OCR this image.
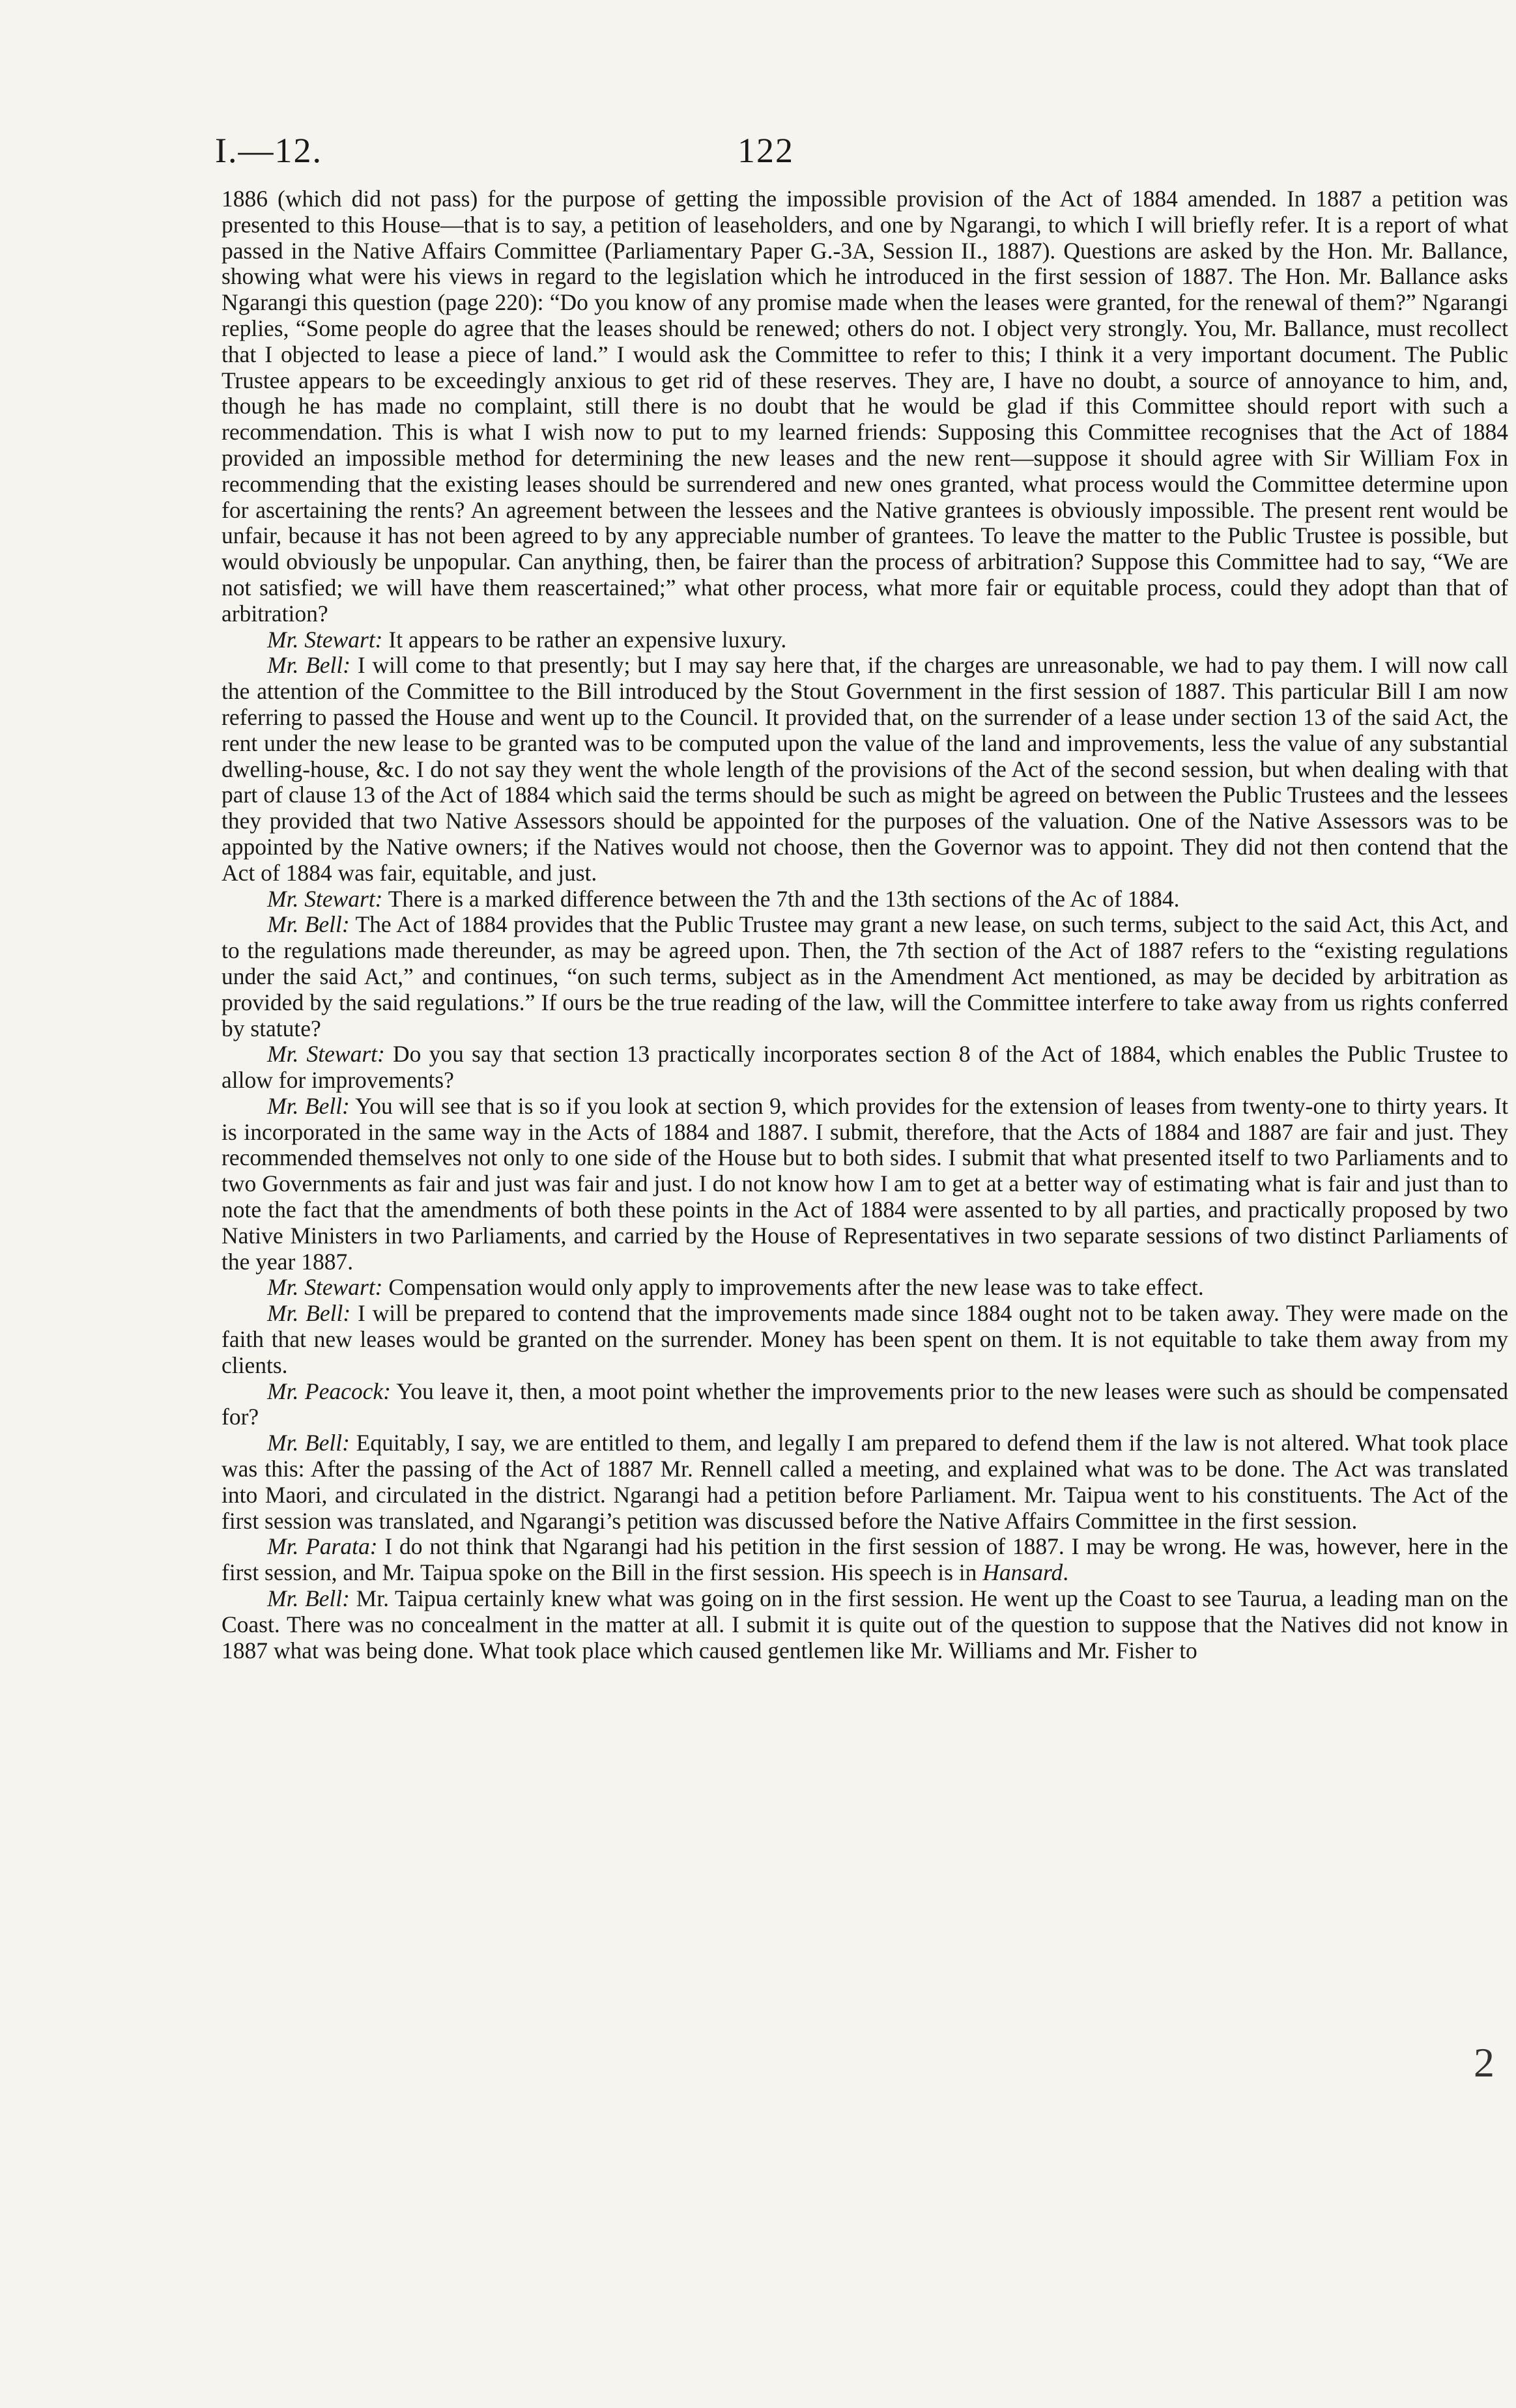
I.—12.	122

1886 (which did not pass) for the purpose of getting the impossible provision of the Act of 1884 amended. In 1887 a petition was presented to this House—that is to say, a petition of leaseholders, and one by Ngarangi, to which I will briefly refer. It is a report of what passed in the Native Affairs Committee (Parliamentary Paper G.-3A, Session II., 1887). Questions are asked by the Hon. Mr. Ballance, showing what were his views in regard to the legislation which he introduced in the first session of 1887. The Hon. Mr. Ballance asks Ngarangi this question (page 220): “Do you know of any promise made when the leases were granted, for the renewal of them?” Ngarangi replies, “Some people do agree that the leases should be renewed; others do not. I object very strongly. You, Mr. Ballance, must recollect that I objected to lease a piece of land.” I would ask the Committee to refer to this; I think it a very important document. The Public Trustee appears to be exceedingly anxious to get rid of these reserves. They are, I have no doubt, a source of annoyance to him, and, though he has made no complaint, still there is no doubt that he would be glad if this Committee should report with such a recommendation. This is what I wish now to put to my learned friends: Supposing this Committee recognises that the Act of 1884 provided an impossible method for determining the new leases and the new rent—suppose it should agree with Sir William Fox in recommending that the existing leases should be surrendered and new ones granted, what process would the Committee determine upon for ascertaining the rents? An agreement between the lessees and the Native grantees is obviously impossible. The present rent would be unfair, because it has not been agreed to by any appreciable number of grantees. To leave the matter to the Public Trustee is possible, but would obviously be unpopular. Can anything, then, be fairer than the process of arbitration? Suppose this Committee had to say, “We are not satisfied; we will have them reascertained;” what other process, what more fair or equitable process, could they adopt than that of arbitration?

Mr. Stewart: It appears to be rather an expensive luxury.

Mr. Bell: I will come to that presently; but I may say here that, if the charges are unreasonable, we had to pay them. I will now call the attention of the Committee to the Bill introduced by the Stout Government in the first session of 1887. This particular Bill I am now referring to passed the House and went up to the Council. It provided that, on the surrender of a lease under section 13 of the said Act, the rent under the new lease to be granted was to be computed upon the value of the land and improvements, less the value of any substantial dwelling-house, &c. I do not say they went the whole length of the provisions of the Act of the second session, but when dealing with that part of clause 13 of the Act of 1884 which said the terms should be such as might be agreed on between the Public Trustees and the lessees they provided that two Native Assessors should be appointed for the purposes of the valuation. One of the Native Assessors was to be appointed by the Native owners; if the Natives would not choose, then the Governor was to appoint. They did not then contend that the Act of 1884 was fair, equitable, and just.

Mr. Stewart: There is a marked difference between the 7th and the 13th sections of the Ac of 1884.

Mr. Bell: The Act of 1884 provides that the Public Trustee may grant a new lease, on such terms, subject to the said Act, this Act, and to the regulations made thereunder, as may be agreed upon. Then, the 7th section of the Act of 1887 refers to the “existing regulations under the said Act,” and continues, “on such terms, subject as in the Amendment Act mentioned, as may be decided by arbitration as provided by the said regulations.” If ours be the true reading of the law, will the Committee interfere to take away from us rights conferred by statute?

Mr. Stewart: Do you say that section 13 practically incorporates section 8 of the Act of 1884, which enables the Public Trustee to allow for improvements?

Mr. Bell: You will see that is so if you look at section 9, which provides for the extension of leases from twenty-one to thirty years. It is incorporated in the same way in the Acts of 1884 and 1887. I submit, therefore, that the Acts of 1884 and 1887 are fair and just. They recommended themselves not only to one side of the House but to both sides. I submit that what presented itself to two Parliaments and to two Governments as fair and just was fair and just. I do not know how I am to get at a better way of estimating what is fair and just than to note the fact that the amendments of both these points in the Act of 1884 were assented to by all parties, and practically proposed by two Native Ministers in two Parliaments, and carried by the House of Representatives in two separate sessions of two distinct Parliaments of the year 1887.

Mr. Stewart: Compensation would only apply to improvements after the new lease was to take effect.

Mr. Bell: I will be prepared to contend that the improvements made since 1884 ought not to be taken away. They were made on the faith that new leases would be granted on the surrender. Money has been spent on them. It is not equitable to take them away from my clients.

Mr. Peacock: You leave it, then, a moot point whether the improvements prior to the new leases were such as should be compensated for?

Mr. Bell: Equitably, I say, we are entitled to them, and legally I am prepared to defend them if the law is not altered. What took place was this: After the passing of the Act of 1887 Mr. Rennell called a meeting, and explained what was to be done. The Act was translated into Maori, and circulated in the district. Ngarangi had a petition before Parliament. Mr. Taipua went to his constituents. The Act of the first session was translated, and Ngarangi’s petition was discussed before the Native Affairs Committee in the first session.

Mr. Parata: I do not think that Ngarangi had his petition in the first session of 1887. I may be wrong. He was, however, here in the first session, and Mr. Taipua spoke on the Bill in the first session. His speech is in Hansard.

Mr. Bell: Mr. Taipua certainly knew what was going on in the first session. He went up the Coast to see Taurua, a leading man on the Coast. There was no concealment in the matter at all. I submit it is quite out of the question to suppose that the Natives did not know in 1887 what was being done. What took place which caused gentlemen like Mr. Williams and Mr. Fisher to

2
